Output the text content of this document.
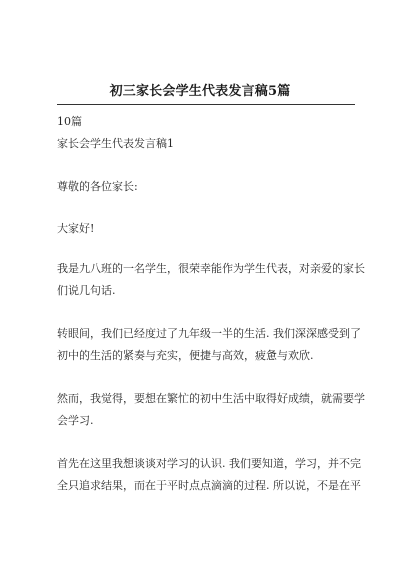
初三家长会学生代表发言稿5篇
10篇
家长会学生代表发言稿1
尊敬的各位家长:
大家好!
我是九八班的一名学生，很荣幸能作为学生代表，对亲爱的家长
们说几句话.
转眼间，我们已经度过了九年级一半的生活. 我们深深感受到了
初中的生活的紧奏与充实，便捷与高效，疲惫与欢欣.
然而，我觉得，要想在繁忙的初中生活中取得好成绩，就需要学
会学习.
首先在这里我想谈谈对学习的认识. 我们要知道，学习，并不完
全只追求结果，而在于平时点点滴滴的过程. 所以说，不是在平
